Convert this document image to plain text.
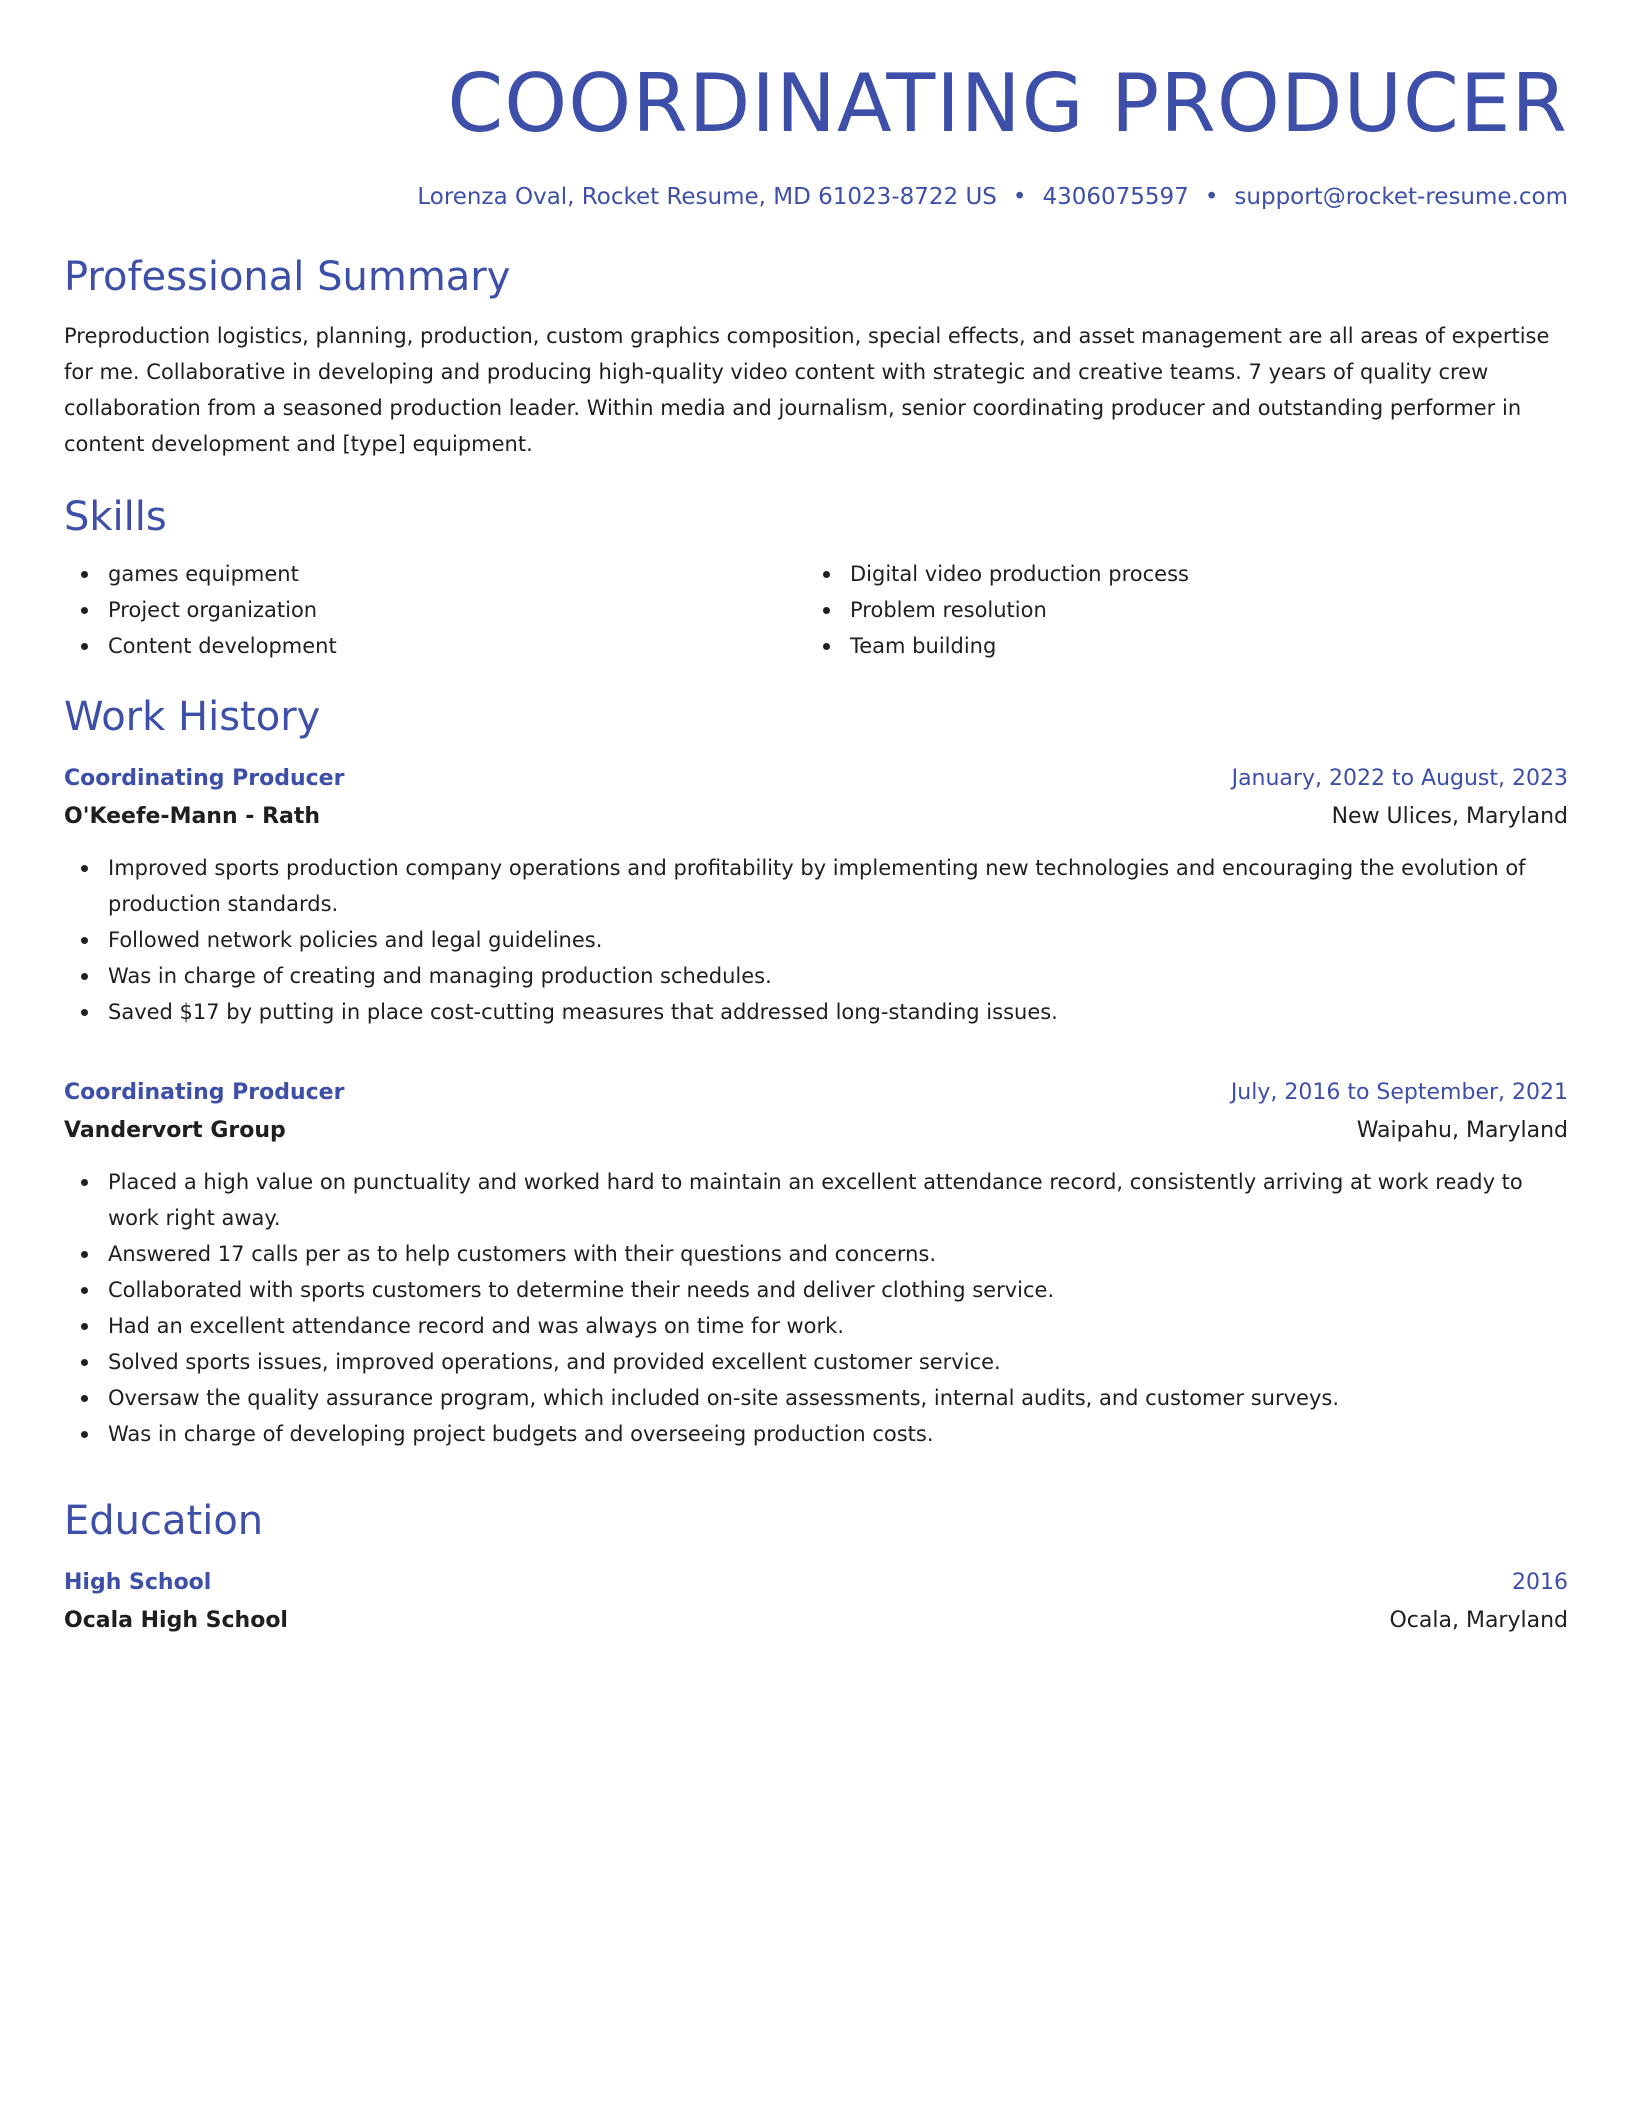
COORDINATING PRODUCER
Lorenza Oval, Rocket Resume, MD 61023-8722 US • 4306075597 • support@rocket-resume.com
Professional Summary

Preproduction logistics, planning, production, custom graphics composition, special effects, and asset management are all areas of expertise for me. Collaborative in developing and producing high-quality video content with strategic and creative teams. 7 years of quality crew collaboration from a seasoned production leader. Within media and journalism, senior coordinating producer and outstanding performer in content development and [type] equipment.

Skills
games equipment
Project organization
Content development
Digital video production process
Problem resolution
Team building
Work History
Coordinating Producer	January, 2022 to August, 2023
O'Keefe-Mann - Rath	New Ulices, Maryland
Improved sports production company operations and profitability by implementing new technologies and encouraging the evolution of production standards.
Followed network policies and legal guidelines.
Was in charge of creating and managing production schedules.
Saved $17 by putting in place cost-cutting measures that addressed long-standing issues.
Coordinating Producer	July, 2016 to September, 2021
Vandervort Group	Waipahu, Maryland
Placed a high value on punctuality and worked hard to maintain an excellent attendance record, consistently arriving at work ready to work right away.
Answered 17 calls per as to help customers with their questions and concerns.
Collaborated with sports customers to determine their needs and deliver clothing service.
Had an excellent attendance record and was always on time for work.
Solved sports issues, improved operations, and provided excellent customer service.
Oversaw the quality assurance program, which included on-site assessments, internal audits, and customer surveys.
Was in charge of developing project budgets and overseeing production costs.
Education
High School	2016
Ocala High School	Ocala, Maryland
